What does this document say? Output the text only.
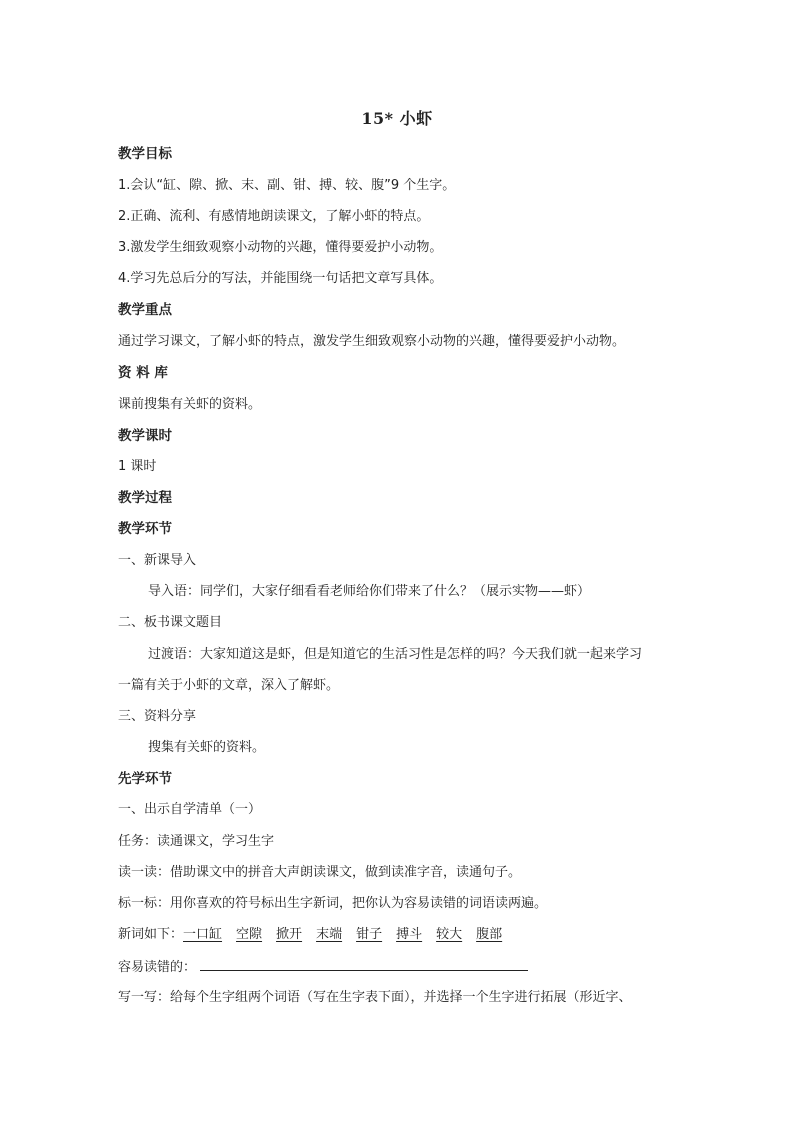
15* 小虾
教学目标
1.会认“缸、隙、掀、末、副、钳、搏、较、腹”9 个生字。
2.正确、流利、有感情地朗读课文，了解小虾的特点。
3.激发学生细致观察小动物的兴趣，懂得要爱护小动物。
4.学习先总后分的写法，并能围绕一句话把文章写具体。
教学重点
通过学习课文，了解小虾的特点，激发学生细致观察小动物的兴趣，懂得要爱护小动物。
资 料 库
课前搜集有关虾的资料。
教学课时
1 课时
教学过程
教学环节
一、新课导入
导入语：同学们，大家仔细看看老师给你们带来了什么？（展示实物——虾）
二、板书课文题目
过渡语：大家知道这是虾，但是知道它的生活习性是怎样的吗？今天我们就一起来学习
一篇有关于小虾的文章，深入了解虾。
三、资料分享
搜集有关虾的资料。
先学环节
一、出示自学清单（一）
任务：读通课文，学习生字
读一读：借助课文中的拼音大声朗读课文，做到读准字音，读通句子。
标一标：用你喜欢的符号标出生字新词，把你认为容易读错的词语读两遍。
新词如下：一口缸 空隙 掀开 末端 钳子 搏斗 较大 腹部
容易读错的：
写一写：给每个生字组两个词语（写在生字表下面），并选择一个生字进行拓展（形近字、
